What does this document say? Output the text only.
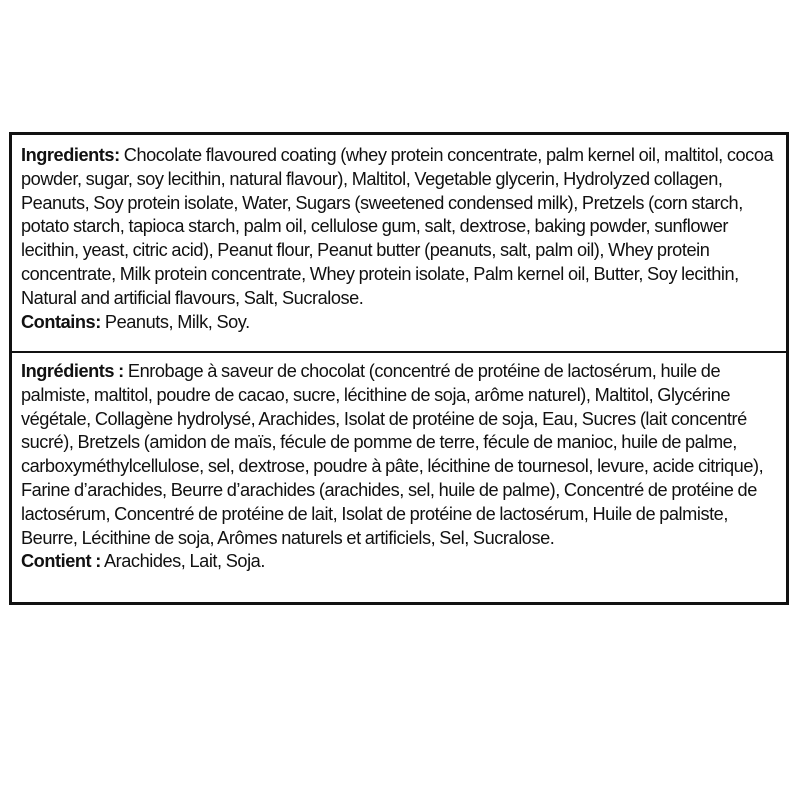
Ingredients: Chocolate flavoured coating (whey protein concentrate, palm kernel oil, maltitol, cocoa powder, sugar, soy lecithin, natural flavour), Maltitol, Vegetable glycerin, Hydrolyzed collagen, Peanuts, Soy protein isolate, Water, Sugars (sweetened condensed milk), Pretzels (corn starch, potato starch, tapioca starch, palm oil, cellulose gum, salt, dextrose, baking powder, sunflower lecithin, yeast, citric acid), Peanut flour, Peanut butter (peanuts, salt, palm oil), Whey protein concentrate, Milk protein concentrate, Whey protein isolate, Palm kernel oil, Butter, Soy lecithin, Natural and artificial flavours, Salt, Sucralose.

Contains: Peanuts, Milk, Soy.

Ingrédients : Enrobage à saveur de chocolat (concentré de protéine de lactosérum, huile de palmiste, maltitol, poudre de cacao, sucre, lécithine de soja, arôme naturel), Maltitol, Glycérine végétale, Collagène hydrolysé, Arachides, Isolat de protéine de soja, Eau, Sucres (lait concentré sucré), Bretzels (amidon de maïs, fécule de pomme de terre, fécule de manioc, huile de palme, carboxyméthylcellulose, sel, dextrose, poudre à pâte, lécithine de tournesol, levure, acide citrique), Farine d’arachides, Beurre d’arachides (arachides, sel, huile de palme), Concentré de protéine de lactosérum, Concentré de protéine de lait, Isolat de protéine de lactosérum, Huile de palmiste, Beurre, Lécithine de soja, Arômes naturels et artificiels, Sel, Sucralose.

Contient : Arachides, Lait, Soja.
